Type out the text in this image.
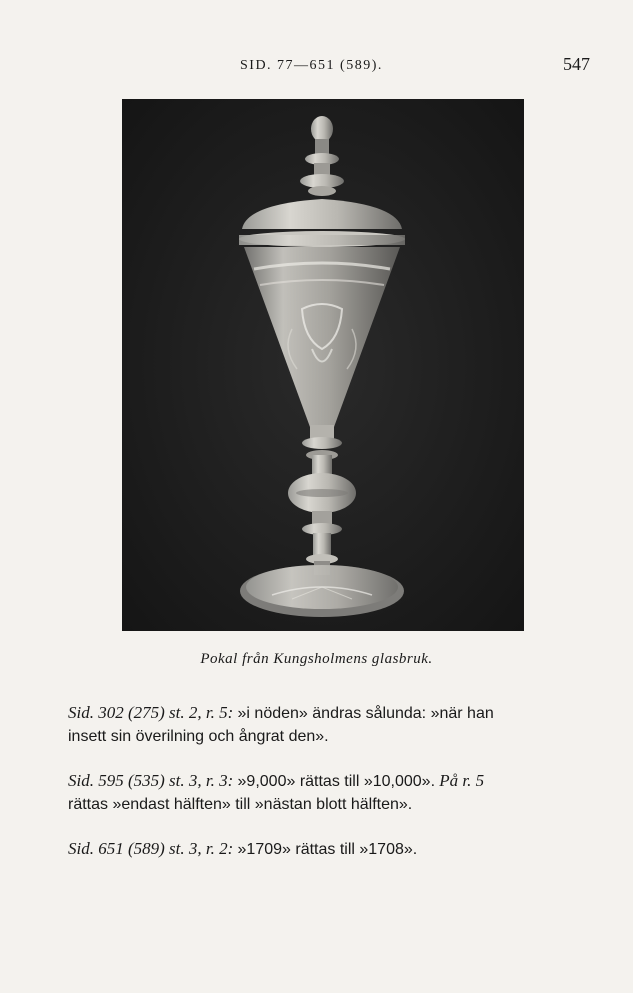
SID. 77—651 (589).	547
Pokal från Kungsholmens glasbruk.

Sid. 302 (275) st. 2, r. 5: »i nöden» ändras sålunda: »när han
insett sin överilning och ångrat den».

Sid. 595 (535) st. 3, r. 3: »9,000» rättas till »10,000». På r. 5
rättas »endast hälften» till »nästan blott hälften».

Sid. 651 (589) st. 3, r. 2: »1709» rättas till »1708».
